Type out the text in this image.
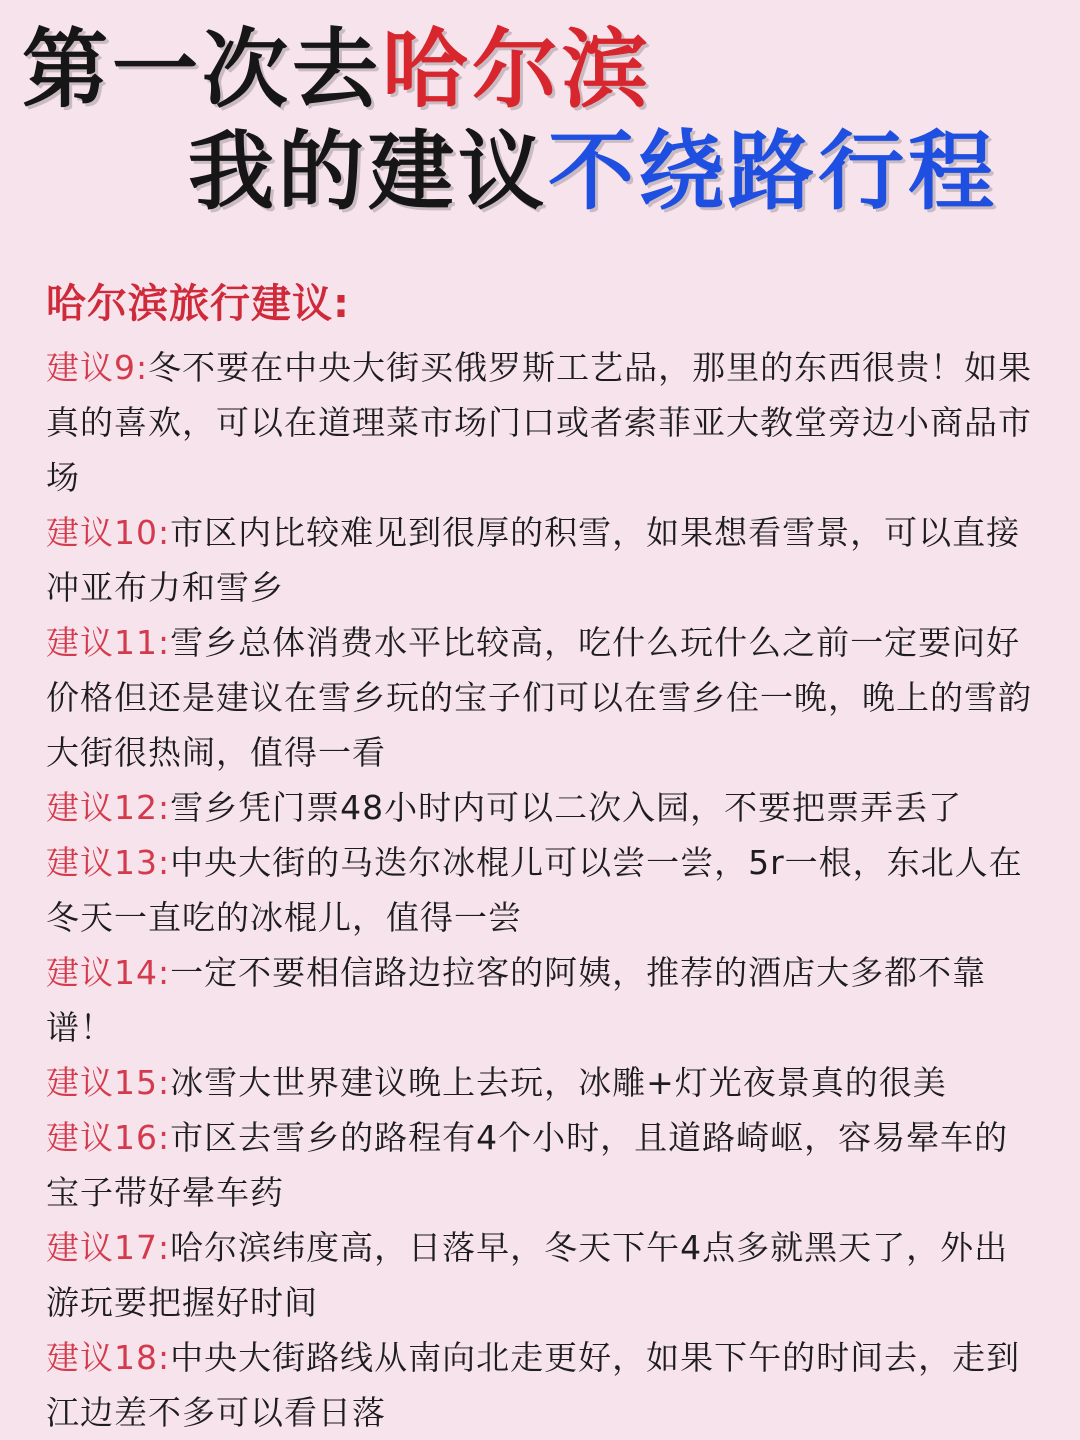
第一次去哈尔滨
我的建议不绕路行程
哈尔滨旅行建议:

建议9:冬不要在中央大街买俄罗斯工艺品，那里的东西很贵！如果真的喜欢，可以在道理菜市场门口或者索菲亚大教堂旁边小商品市场

建议10:市区内比较难见到很厚的积雪，如果想看雪景，可以直接冲亚布力和雪乡

建议11:雪乡总体消费水平比较高，吃什么玩什么之前一定要问好价格但还是建议在雪乡玩的宝子们可以在雪乡住一晚，晚上的雪韵大街很热闹，值得一看

建议12:雪乡凭门票48小时内可以二次入园，不要把票弄丢了

建议13:中央大街的马迭尔冰棍儿可以尝一尝，5r一根，东北人在冬天一直吃的冰棍儿，值得一尝

建议14:一定不要相信路边拉客的阿姨，推荐的酒店大多都不靠谱！

建议15:冰雪大世界建议晚上去玩，冰雕+灯光夜景真的很美

建议16:市区去雪乡的路程有4个小时，且道路崎岖，容易晕车的宝子带好晕车药

建议17:哈尔滨纬度高，日落早，冬天下午4点多就黑天了，外出游玩要把握好时间

建议18:中央大街路线从南向北走更好，如果下午的时间去，走到江边差不多可以看日落
